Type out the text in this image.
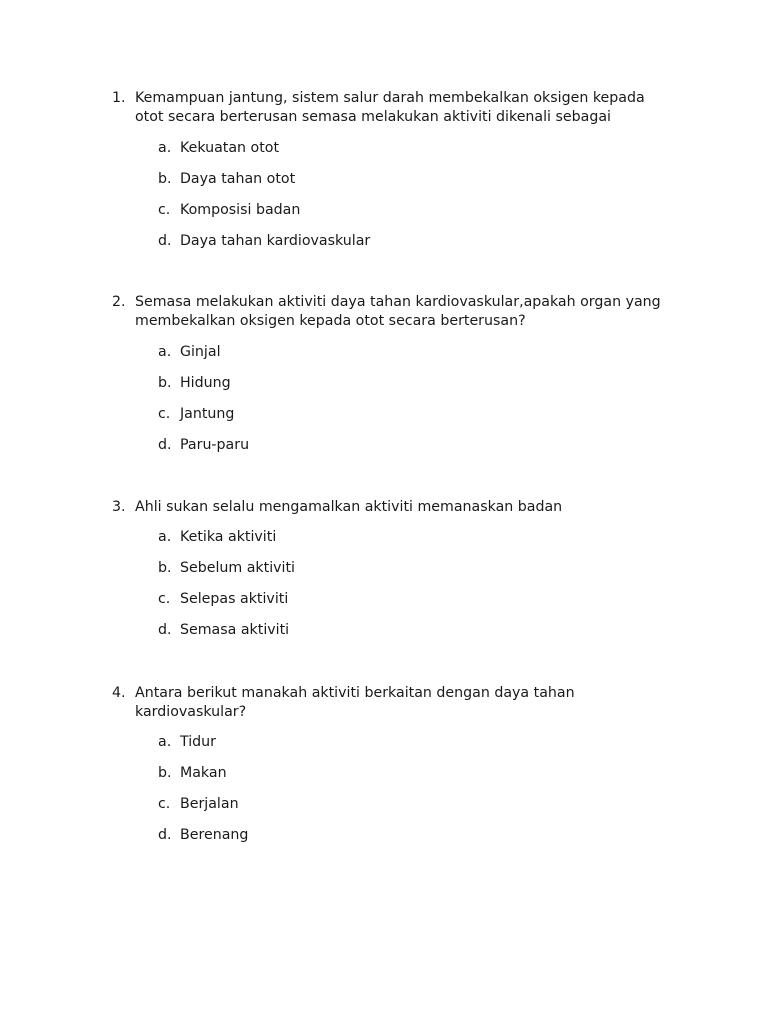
1. Kemampuan jantung, sistem salur darah membekalkan oksigen kepada otot secara berterusan semasa melakukan aktiviti dikenali sebagai
a. Kekuatan otot
b. Daya tahan otot
c. Komposisi badan
d. Daya tahan kardiovaskular
2. Semasa melakukan aktiviti daya tahan kardiovaskular,apakah organ yang membekalkan oksigen kepada otot secara berterusan?
a. Ginjal
b. Hidung
c. Jantung
d. Paru-paru
3. Ahli sukan selalu mengamalkan aktiviti memanaskan badan
a. Ketika aktiviti
b. Sebelum aktiviti
c. Selepas aktiviti
d. Semasa aktiviti
4. Antara berikut manakah aktiviti berkaitan dengan daya tahan kardiovaskular?
a. Tidur
b. Makan
c. Berjalan
d. Berenang
